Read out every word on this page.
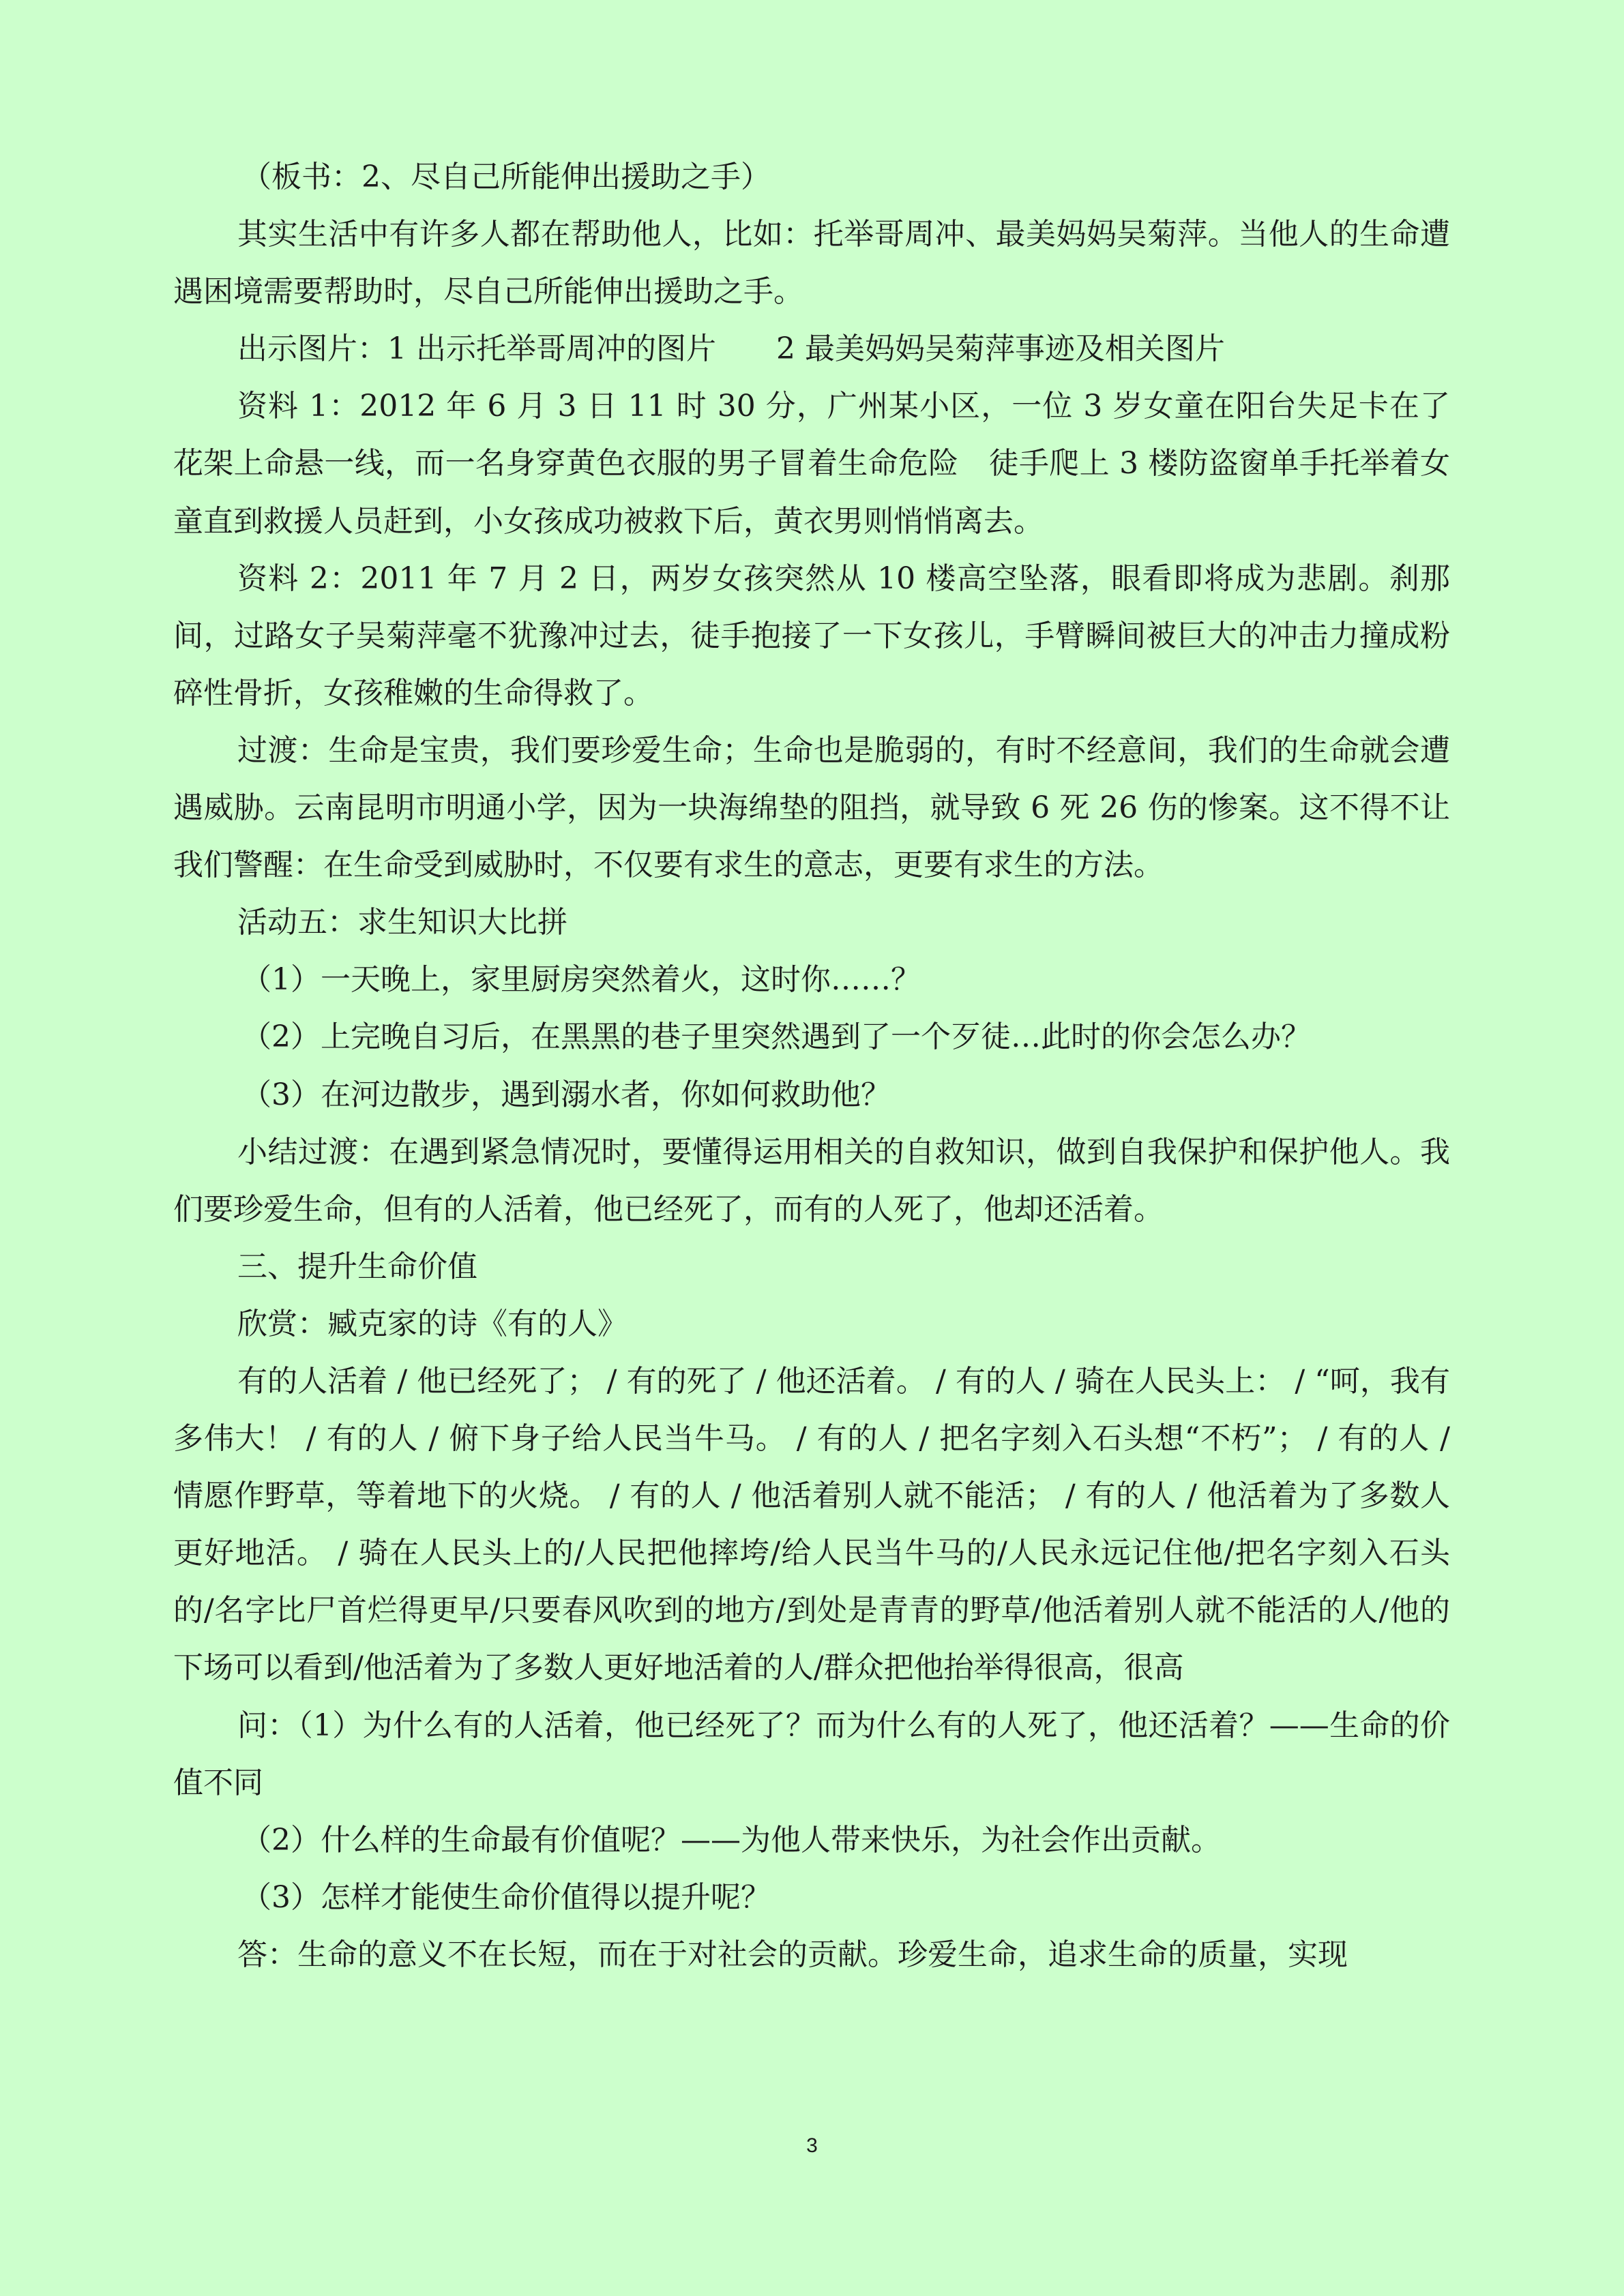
（板书：2、尽自己所能伸出援助之手）

其实生活中有许多人都在帮助他人，比如：托举哥周冲、最美妈妈吴菊萍。当他人的生命遭遇困境需要帮助时，尽自己所能伸出援助之手。

出示图片：1 出示托举哥周冲的图片　　2 最美妈妈吴菊萍事迹及相关图片

资料 1：2012 年 6 月 3 日 11 时 30 分，广州某小区，一位 3 岁女童在阳台失足卡在了花架上命悬一线，而一名身穿黄色衣服的男子冒着生命危险　徒手爬上 3 楼防盗窗单手托举着女童直到救援人员赶到，小女孩成功被救下后，黄衣男则悄悄离去。

资料 2：2011 年 7 月 2 日，两岁女孩突然从 10 楼高空坠落，眼看即将成为悲剧。刹那间，过路女子吴菊萍毫不犹豫冲过去，徒手抱接了一下女孩儿，手臂瞬间被巨大的冲击力撞成粉碎性骨折，女孩稚嫩的生命得救了。

过渡：生命是宝贵，我们要珍爱生命；生命也是脆弱的，有时不经意间，我们的生命就会遭遇威胁。云南昆明市明通小学，因为一块海绵垫的阻挡，就导致 6 死 26 伤的惨案。这不得不让我们警醒：在生命受到威胁时，不仅要有求生的意志，更要有求生的方法。

活动五：求生知识大比拼

（1）一天晚上，家里厨房突然着火，这时你……？

（2）上完晚自习后，在黑黑的巷子里突然遇到了一个歹徒…此时的你会怎么办？

（3）在河边散步，遇到溺水者，你如何救助他？

小结过渡：在遇到紧急情况时，要懂得运用相关的自救知识，做到自我保护和保护他人。我们要珍爱生命，但有的人活着，他已经死了，而有的人死了，他却还活着。

三、提升生命价值

欣赏：臧克家的诗《有的人》

有的人活着 / 他已经死了； / 有的死了 / 他还活着。 / 有的人 / 骑在人民头上： / “呵，我有多伟大！ / 有的人 / 俯下身子给人民当牛马。 / 有的人 / 把名字刻入石头想“不朽”； / 有的人 / 情愿作野草，等着地下的火烧。 / 有的人 / 他活着别人就不能活； / 有的人 / 他活着为了多数人更好地活。 / 骑在人民头上的/人民把他摔垮/给人民当牛马的/人民永远记住他/把名字刻入石头的/名字比尸首烂得更早/只要春风吹到的地方/到处是青青的野草/他活着别人就不能活的人/他的下场可以看到/他活着为了多数人更好地活着的人/群众把他抬举得很高，很高

问：（1）为什么有的人活着，他已经死了？而为什么有的人死了，他还活着？——生命的价值不同

（2）什么样的生命最有价值呢？——为他人带来快乐，为社会作出贡献。

（3）怎样才能使生命价值得以提升呢？

答：生命的意义不在长短，而在于对社会的贡献。珍爱生命，追求生命的质量，实现

3
